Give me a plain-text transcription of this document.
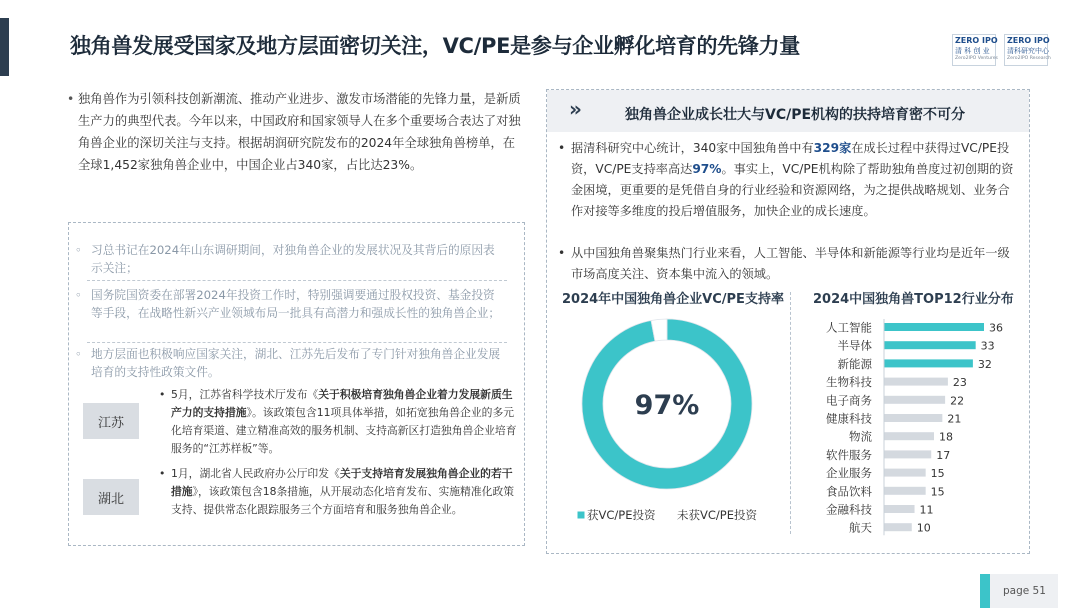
独角兽发展受国家及地方层面密切关注，VC/PE是参与企业孵化培育的先锋力量	ZERO IPO
清 科 创 业
Zero2IPO Ventures
ZERO IPO
清科研究中心
Zero2IPO Research
• 独角兽作为引领科技创新潮流、推动产业进步、激发市场潜能的先锋力量，是新质生产力的典型代表。今年以来，中国政府和国家领导人在多个重要场合表达了对独角兽企业的深切关注与支持。根据胡润研究院发布的2024年全球独角兽榜单，在全球1,452家独角兽企业中，中国企业占340家，占比达23%。
◦ 习总书记在2024年山东调研期间，对独角兽企业的发展状况及其背后的原因表示关注；
◦ 国务院国资委在部署2024年投资工作时，特别强调要通过股权投资、基金投资等手段，在战略性新兴产业领域布局一批具有高潜力和强成长性的独角兽企业；
◦ 地方层面也积极响应国家关注，湖北、江苏先后发布了专门针对独角兽企业发展培育的支持性政策文件。
江苏
• 5月，江苏省科学技术厅发布《关于积极培育独角兽企业着力发展新质生产力的支持措施》。该政策包含11项具体举措，如拓宽独角兽企业的多元化培育渠道、建立精准高效的服务机制、支持高新区打造独角兽企业培育服务的“江苏样板”等。
湖北
• 1月，湖北省人民政府办公厅印发《关于支持培育发展独角兽企业的若干措施》，该政策包含18条措施，从开展动态化培育发布、实施精准化政策支持、提供常态化跟踪服务三个方面培育和服务独角兽企业。
»	独角兽企业成长壮大与VC/PE机构的扶持培育密不可分
• 据清科研究中心统计，340家中国独角兽中有329家在成长过程中获得过VC/PE投资，VC/PE支持率高达97%。事实上，VC/PE机构除了帮助独角兽度过初创期的资金困境，更重要的是凭借自身的行业经验和资源网络，为之提供战略规划、业务合作对接等多维度的投后增值服务，加快企业的成长速度。
• 从中国独角兽聚集热门行业来看，人工智能、半导体和新能源等行业均是近年一级市场高度关注、资本集中流入的领域。
2024年中国独角兽企业VC/PE支持率 2024中国独角兽TOP12行业分布
97%
获VC/PE投资 未获VC/PE投资
人工智能	36
半导体	33
新能源	32
生物科技	23
电子商务	22
健康科技	21
物流	18
软件服务	17
企业服务	15
食品饮料	15
金融科技	11
航天	10
page 51
